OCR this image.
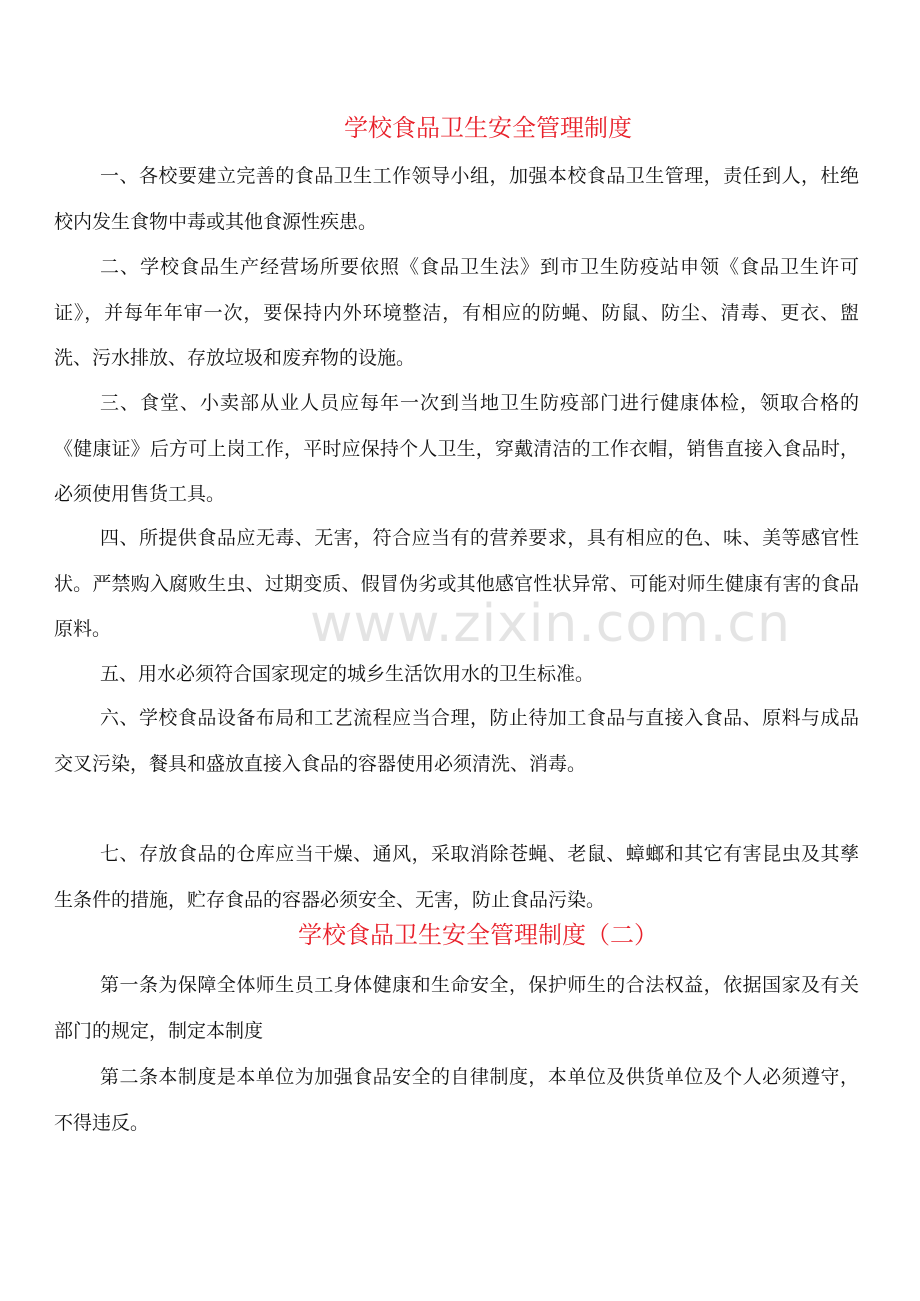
学校食品卫生安全管理制度

一、各校要建立完善的食品卫生工作领导小组，加强本校食品卫生管理，责任到人，杜绝校内发生食物中毒或其他食源性疾患。

二、学校食品生产经营场所要依照《食品卫生法》到市卫生防疫站申领《食品卫生许可证》，并每年年审一次，要保持内外环境整洁，有相应的防蝇、防鼠、防尘、清毒、更衣、盥洗、污水排放、存放垃圾和废弃物的设施。

三、食堂、小卖部从业人员应每年一次到当地卫生防疫部门进行健康体检，领取合格的《健康证》后方可上岗工作，平时应保持个人卫生，穿戴清洁的工作衣帽，销售直接入食品时，必须使用售货工具。

四、所提供食品应无毒、无害，符合应当有的营养要求，具有相应的色、味、美等感官性状。严禁购入腐败生虫、过期变质、假冒伪劣或其他感官性状异常、可能对师生健康有害的食品原料。

五、用水必须符合国家现定的城乡生活饮用水的卫生标准。

六、学校食品设备布局和工艺流程应当合理，防止待加工食品与直接入食品、原料与成品交叉污染，餐具和盛放直接入食品的容器使用必须清洗、消毒。

七、存放食品的仓库应当干燥、通风，采取消除苍蝇、老鼠、蟑螂和其它有害昆虫及其孳生条件的措施，贮存食品的容器必须安全、无害，防止食品污染。

学校食品卫生安全管理制度（二）

第一条为保障全体师生员工身体健康和生命安全，保护师生的合法权益，依据国家及有关部门的规定，制定本制度

第二条本制度是本单位为加强食品安全的自律制度，本单位及供货单位及个人必须遵守，不得违反。

www.zixin.com.cn
